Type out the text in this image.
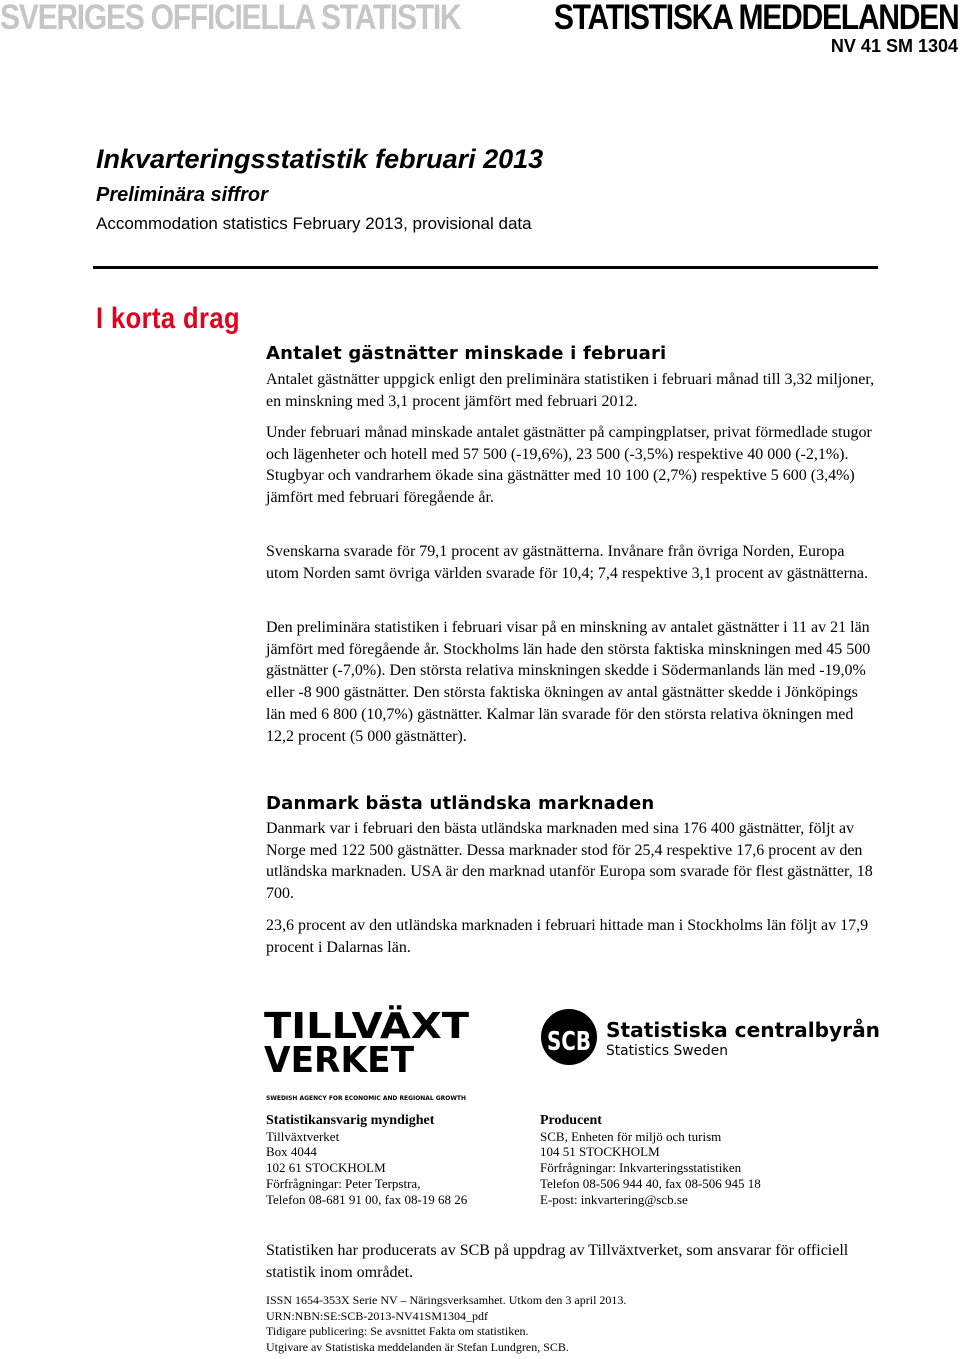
SVERIGES OFFICIELLA STATISTIK	STATISTISKA MEDDELANDEN
NV 41 SM 1304
Inkvarteringsstatistik februari 2013
Preliminära siffror
Accommodation statistics February 2013, provisional data
I korta drag
Antalet gästnätter minskade i februari
Antalet gästnätter uppgick enligt den preliminära statistiken i februari månad till 3,32 miljoner, en minskning med 3,1 procent jämfört med februari 2012.
Under februari månad minskade antalet gästnätter på campingplatser, privat förmedlade stugor och lägenheter och hotell med 57 500 (-19,6%), 23 500 (-3,5%) respektive 40 000 (-2,1%). Stugbyar och vandrarhem ökade sina gästnätter med 10 100 (2,7%) respektive 5 600 (3,4%) jämfört med februari föregående år.
Svenskarna svarade för 79,1 procent av gästnätterna. Invånare från övriga Norden, Europa utom Norden samt övriga världen svarade för 10,4; 7,4 respektive 3,1 procent av gästnätterna.
Den preliminära statistiken i februari visar på en minskning av antalet gästnätter i 11 av 21 län jämfört med föregående år. Stockholms län hade den största faktiska minskningen med 45 500 gästnätter (-7,0%). Den största relativa minskningen skedde i Södermanlands län med -19,0% eller -8 900 gästnätter. Den största faktiska ökningen av antal gästnätter skedde i Jönköpings län med 6 800 (10,7%) gästnätter. Kalmar län svarade för den största relativa ökningen med 12,2 procent (5 000 gästnätter).
Danmark bästa utländska marknaden
Danmark var i februari den bästa utländska marknaden med sina 176 400 gästnätter, följt av Norge med 122 500 gästnätter. Dessa marknader stod för 25,4 respektive 17,6 procent av den utländska marknaden. USA är den marknad utanför Europa som svarade för flest gästnätter, 18 700.
23,6 procent av den utländska marknaden i februari hittade man i Stockholms län följt av 17,9 procent i Dalarnas län.
TILLVÄXT
VERKET
SWEDISH AGENCY FOR ECONOMIC AND REGIONAL GROWTH
SCB Statistiska centralbyrån
Statistics Sweden
Statistikansvarig myndighet
Tillväxtverket
Box 4044
102 61 STOCKHOLM
Förfrågningar: Peter Terpstra,
Telefon 08-681 91 00, fax 08-19 68 26
Producent
SCB, Enheten för miljö och turism
104 51 STOCKHOLM
Förfrågningar: Inkvarteringsstatistiken
Telefon 08-506 944 40, fax 08-506 945 18
E-post: inkvartering@scb.se
Statistiken har producerats av SCB på uppdrag av Tillväxtverket, som ansvarar för officiell statistik inom området.
ISSN 1654-353X Serie NV – Näringsverksamhet. Utkom den 3 april 2013.
URN:NBN:SE:SCB-2013-NV41SM1304_pdf
Tidigare publicering: Se avsnittet Fakta om statistiken.
Utgivare av Statistiska meddelanden är Stefan Lundgren, SCB.
